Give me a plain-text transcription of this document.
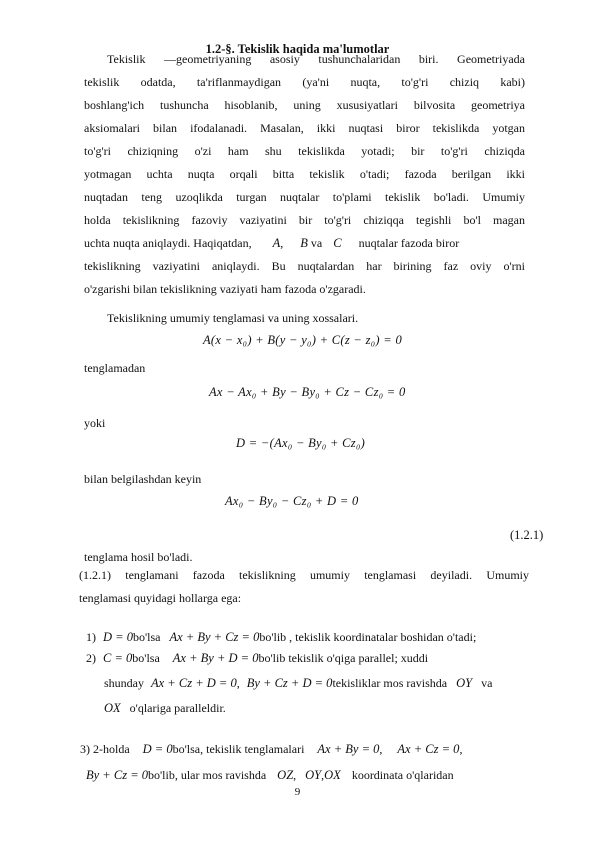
1.2-§. Tekislik haqida ma'lumotlar
Tekislik —geometriyaning asosiy tushunchalaridan biri. Geometriyada
tekislik odatda, ta'riflanmaydigan (ya'ni nuqta, to'g'ri chiziq kabi)
boshlang'ich tushuncha hisoblanib, uning xususiyatlari bilvosita geometriya
aksiomalari bilan ifodalanadi. Masalan, ikki nuqtasi biror tekislikda yotgan
to'g'ri chiziqning o'zi ham shu tekislikda yotadi; bir to'g'ri chiziqda
yotmagan uchta nuqta orqali bitta tekislik o'tadi; fazoda berilgan ikki
nuqtadan teng uzoqlikda turgan nuqtalar to'plami tekislik bo'ladi. Umumiy
holda tekislikning fazoviy vaziyatini bir to'g'ri chiziqqa tegishli bo'l magan
uchta nuqta aniqlaydi. Haqiqatdan, A, B va C nuqtalar fazoda biror
tekislikning vaziyatini aniqlaydi. Bu nuqtalardan har birining faz oviy o'rni
o'zgarishi bilan tekislikning vaziyati ham fazoda o'zgaradi.
Tekislikning umumiy tenglamasi va uning xossalari.
A(x − x₀) + B(y − y₀) + C(z − z₀) = 0
tenglamadan
Ax − Ax₀ + By − By₀ + Cz − Cz₀ = 0
yoki
D = −(Ax₀ − By₀ + Cz₀)
bilan belgilashdan keyin
Ax₀ − By₀ − Cz₀ + D = 0
(1.2.1)
tenglama hosil bo'ladi.
(1.2.1) tenglamani fazoda tekislikning umumiy tenglamasi deyiladi. Umumiy
tenglamasi quyidagi hollarga ega:
1) D = 0bo'lsa Ax + By + Cz = 0bo'lib , tekislik koordinatalar boshidan o'tadi;
2) C = 0bo'lsa Ax + By + D = 0bo'lib tekislik o'qiga parallel; xuddi
shunday Ax + Cz + D = 0, By + Cz + D = 0tekisliklar mos ravishda OY va
OX o'qlariga parallеldir.
3) 2-holda D = 0bo'lsa, tekislik tenglamalari Ax + By = 0, Ax + Cz = 0,
By + Cz = 0bo'lib, ular mos ravishda OZ, OY,OX koordinata o'qlaridan
9
